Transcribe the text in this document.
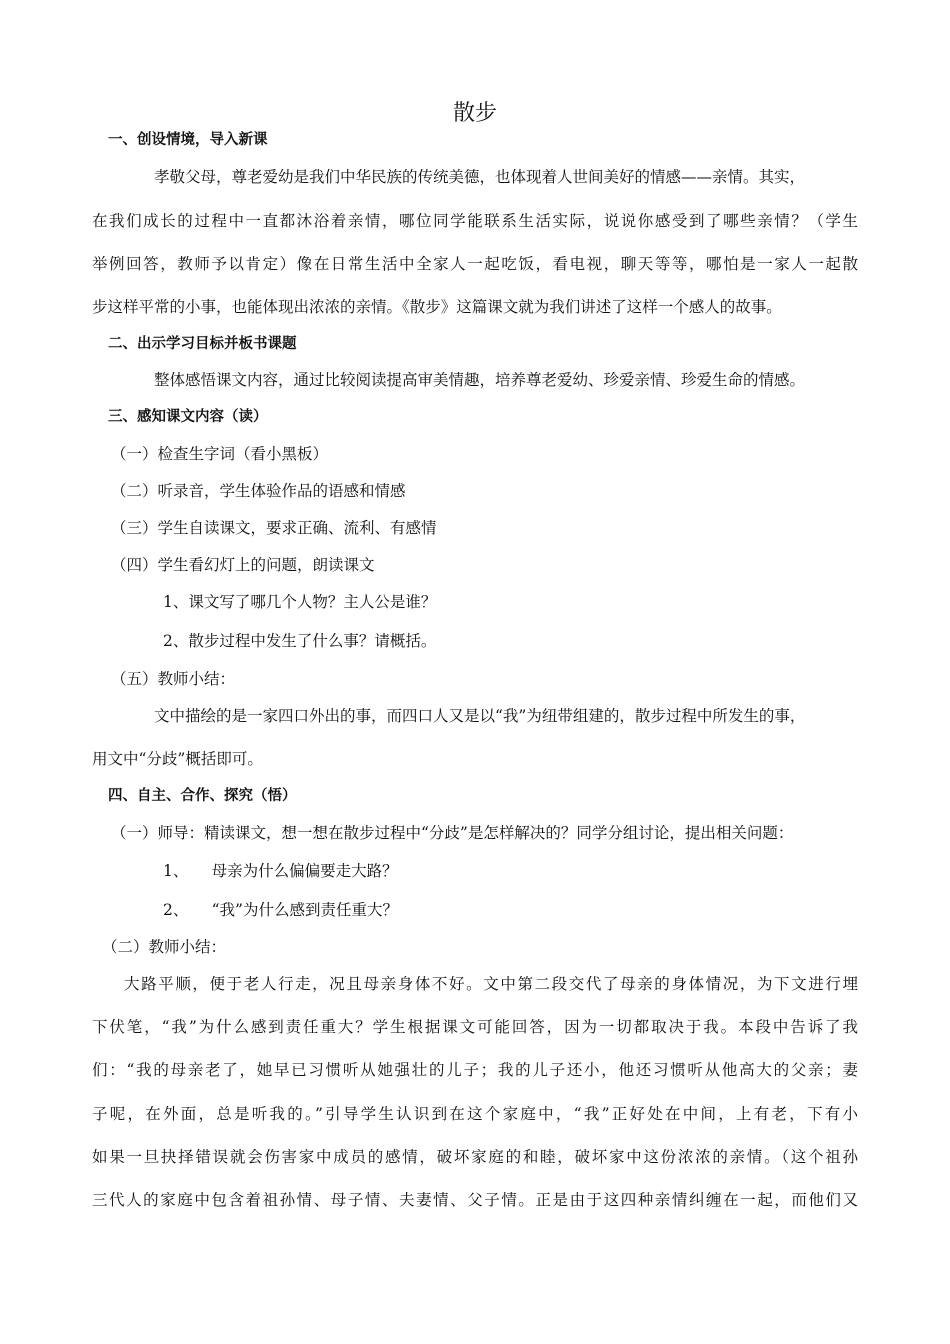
散步
一、创设情境，导入新课
孝敬父母，尊老爱幼是我们中华民族的传统美德，也体现着人世间美好的情感——亲情。其实，
在我们成长的过程中一直都沐浴着亲情，哪位同学能联系生活实际，说说你感受到了哪些亲情？（学生
举例回答，教师予以肯定）像在日常生活中全家人一起吃饭，看电视，聊天等等，哪怕是一家人一起散
步这样平常的小事，也能体现出浓浓的亲情。《散步》这篇课文就为我们讲述了这样一个感人的故事。
二、出示学习目标并板书课题
整体感悟课文内容，通过比较阅读提高审美情趣，培养尊老爱幼、珍爱亲情、珍爱生命的情感。
三、感知课文内容（读）
（一）检查生字词（看小黑板）
（二）听录音，学生体验作品的语感和情感
（三）学生自读课文，要求正确、流利、有感情
（四）学生看幻灯上的问题，朗读课文
1、课文写了哪几个人物？主人公是谁？
2、散步过程中发生了什么事？请概括。
（五）教师小结：
文中描绘的是一家四口外出的事，而四口人又是以“我”为纽带组建的，散步过程中所发生的事，
用文中“分歧”概括即可。
四、自主、合作、探究（悟）
（一）师导：精读课文，想一想在散步过程中“分歧”是怎样解决的？同学分组讨论，提出相关问题：
1、　　母亲为什么偏偏要走大路？
2、　　“我”为什么感到责任重大？
（二）教师小结：
大路平顺，便于老人行走，况且母亲身体不好。文中第二段交代了母亲的身体情况，为下文进行埋
下伏笔，“我”为什么感到责任重大？学生根据课文可能回答，因为一切都取决于我。本段中告诉了我
们：“我的母亲老了，她早已习惯听从她强壮的儿子；我的儿子还小，他还习惯听从他高大的父亲；妻
子呢，在外面，总是听我的。”引导学生认识到在这个家庭中，“我”正好处在中间，上有老，下有小
如果一旦抉择错误就会伤害家中成员的感情，破坏家庭的和睦，破坏家中这份浓浓的亲情。（这个祖孙
三代人的家庭中包含着祖孙情、母子情、夫妻情、父子情。正是由于这四种亲情纠缠在一起，而他们又
